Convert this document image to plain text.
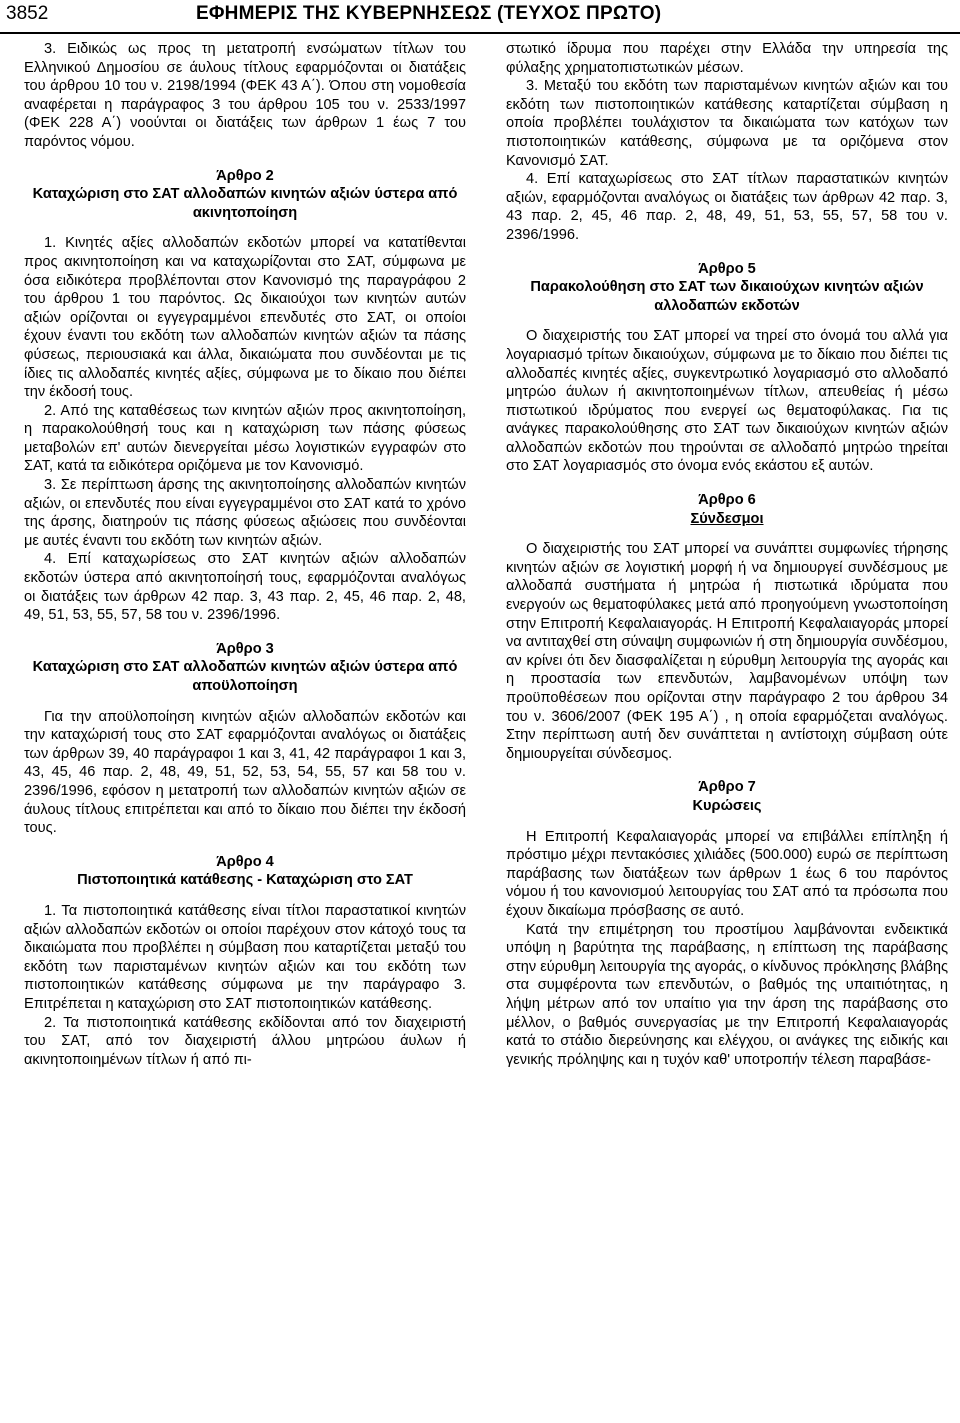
3852	ΕΦΗΜΕΡΙΣ ΤΗΣ ΚΥΒΕΡΝΗΣΕΩΣ (ΤΕΥΧΟΣ ΠΡΩΤΟ)

3. Ειδικώς ως προς τη μετατροπή ενσώματων τίτλων του Ελληνικού Δημοσίου σε άυλους τίτλους εφαρμόζονται οι διατάξεις του άρθρου 10 του ν. 2198/1994 (ΦΕΚ 43 Α΄). Όπου στη νομοθεσία αναφέρεται η παράγραφος 3 του άρθρου 105 του ν. 2533/1997 (ΦΕΚ 228 Α΄) νοούνται οι διατάξεις των άρθρων 1 έως 7 του παρόντος νόμου.

Άρθρο 2

Καταχώριση στο ΣΑΤ αλλοδαπών κινητών αξιών ύστερα από ακινητοποίηση

1. Κινητές αξίες αλλοδαπών εκδοτών μπορεί να κατατίθενται προς ακινητοποίηση και να καταχωρίζονται στο ΣΑΤ, σύμφωνα με όσα ειδικότερα προβλέπονται στον Κανονισμό της παραγράφου 2 του άρθρου 1 του παρόντος. Ως δικαιούχοι των κινητών αυτών αξιών ορίζονται οι εγγεγραμμένοι επενδυτές στο ΣΑΤ, οι οποίοι έχουν έναντι του εκδότη των αλλοδαπών κινητών αξιών τα πάσης φύσεως, περιουσιακά και άλλα, δικαιώματα που συνδέονται με τις ίδιες τις αλλοδαπές κινητές αξίες, σύμφωνα με το δίκαιο που διέπει την έκδοσή τους.

2. Από της καταθέσεως των κινητών αξιών προς ακινητοποίηση, η παρακολούθησή τους και η καταχώριση των πάσης φύσεως μεταβολών επ' αυτών διενεργείται μέσω λογιστικών εγγραφών στο ΣΑΤ, κατά τα ειδικότερα οριζόμενα με τον Κανονισμό.

3. Σε περίπτωση άρσης της ακινητοποίησης αλλοδαπών κινητών αξιών, οι επενδυτές που είναι εγγεγραμμένοι στο ΣΑΤ κατά το χρόνο της άρσης, διατηρούν τις πάσης φύσεως αξιώσεις που συνδέονται με αυτές έναντι του εκδότη των κινητών αξιών.

4. Επί καταχωρίσεως στο ΣΑΤ κινητών αξιών αλλοδαπών εκδοτών ύστερα από ακινητοποίησή τους, εφαρμόζονται αναλόγως οι διατάξεις των άρθρων 42 παρ. 3, 43 παρ. 2, 45, 46 παρ. 2, 48, 49, 51, 53, 55, 57, 58 του ν. 2396/1996.

Άρθρο 3

Καταχώριση στο ΣΑΤ αλλοδαπών κινητών αξιών ύστερα από αποϋλοποίηση

Για την αποϋλοποίηση κινητών αξιών αλλοδαπών εκδοτών και την καταχώρισή τους στο ΣΑΤ εφαρμόζονται αναλόγως οι διατάξεις των άρθρων 39, 40 παράγραφοι 1 και 3, 41, 42 παράγραφοι 1 και 3, 43, 45, 46 παρ. 2, 48, 49, 51, 52, 53, 54, 55, 57 και 58 του ν. 2396/1996, εφόσον η μετατροπή των αλλοδαπών κινητών αξιών σε άυλους τίτλους επιτρέπεται και από το δίκαιο που διέπει την έκδοσή τους.

Άρθρο 4

Πιστοποιητικά κατάθεσης - Καταχώριση στο ΣΑΤ

1. Τα πιστοποιητικά κατάθεσης είναι τίτλοι παραστατικοί κινητών αξιών αλλοδαπών εκδοτών οι οποίοι παρέχουν στον κάτοχό τους τα δικαιώματα που προβλέπει η σύμβαση που καταρτίζεται μεταξύ του εκδότη των παρισταμένων κινητών αξιών και του εκδότη των πιστοποιητικών κατάθεσης σύμφωνα με την παράγραφο 3. Επιτρέπεται η καταχώριση στο ΣΑΤ πιστοποιητικών κατάθεσης.

2. Τα πιστοποιητικά κατάθεσης εκδίδονται από τον διαχειριστή του ΣΑΤ, από τον διαχειριστή άλλου μητρώου άυλων ή ακινητοποιημένων τίτλων ή από πι-

στωτικό ίδρυμα που παρέχει στην Ελλάδα την υπηρεσία της φύλαξης χρηματοπιστωτικών μέσων.

3. Μεταξύ του εκδότη των παρισταμένων κινητών αξιών και του εκδότη των πιστοποιητικών κατάθεσης καταρτίζεται σύμβαση η οποία προβλέπει τουλάχιστον τα δικαιώματα των κατόχων των πιστοποιητικών κατάθεσης, σύμφωνα με τα οριζόμενα στον Κανονισμό ΣΑΤ.

4. Επί καταχωρίσεως στο ΣΑΤ τίτλων παραστατικών κινητών αξιών, εφαρμόζονται αναλόγως οι διατάξεις των άρθρων 42 παρ. 3, 43 παρ. 2, 45, 46 παρ. 2, 48, 49, 51, 53, 55, 57, 58 του ν. 2396/1996.

Άρθρο 5

Παρακολούθηση στο ΣΑΤ των δικαιούχων κινητών αξιών αλλοδαπών εκδοτών

Ο διαχειριστής του ΣΑΤ μπορεί να τηρεί στο όνομά του αλλά για λογαριασμό τρίτων δικαιούχων, σύμφωνα με το δίκαιο που διέπει τις αλλοδαπές κινητές αξίες, συγκεντρωτικό λογαριασμό στο αλλοδαπό μητρώο άυλων ή ακινητοποιημένων τίτλων, απευθείας ή μέσω πιστωτικού ιδρύματος που ενεργεί ως θεματοφύλακας. Για τις ανάγκες παρακολούθησης στο ΣΑΤ των δικαιούχων κινητών αξιών αλλοδαπών εκδοτών που τηρούνται σε αλλοδαπό μητρώο τηρείται στο ΣΑΤ λογαριασμός στο όνομα ενός εκάστου εξ αυτών.

Άρθρο 6

Σύνδεσμοι

Ο διαχειριστής του ΣΑΤ μπορεί να συνάπτει συμφωνίες τήρησης κινητών αξιών σε λογιστική μορφή ή να δημιουργεί συνδέσμους με αλλοδαπά συστήματα ή μητρώα ή πιστωτικά ιδρύματα που ενεργούν ως θεματοφύλακες μετά από προηγούμενη γνωστοποίηση στην Επιτροπή Κεφαλαιαγοράς. Η Επιτροπή Κεφαλαιαγοράς μπορεί να αντιταχθεί στη σύναψη συμφωνιών ή στη δημιουργία συνδέσμου, αν κρίνει ότι δεν διασφαλίζεται η εύρυθμη λειτουργία της αγοράς και η προστασία των επενδυτών, λαμβανομένων υπόψη των προϋποθέσεων που ορίζονται στην παράγραφο 2 του άρθρου 34 του ν. 3606/2007 (ΦΕΚ 195 Α΄) , η οποία εφαρμόζεται αναλόγως. Στην περίπτωση αυτή δεν συνάπτεται η αντίστοιχη σύμβαση ούτε δημιουργείται σύνδεσμος.

Άρθρο 7

Κυρώσεις

Η Επιτροπή Κεφαλαιαγοράς μπορεί να επιβάλλει επίπληξη ή πρόστιμο μέχρι πεντακόσιες χιλιάδες (500.000) ευρώ σε περίπτωση παράβασης των διατάξεων των άρθρων 1 έως 6 του παρόντος νόμου ή του κανονισμού λειτουργίας του ΣΑΤ από τα πρόσωπα που έχουν δικαίωμα πρόσβασης σε αυτό.

Κατά την επιμέτρηση του προστίμου λαμβάνονται ενδεικτικά υπόψη η βαρύτητα της παράβασης, η επίπτωση της παράβασης στην εύρυθμη λειτουργία της αγοράς, ο κίνδυνος πρόκλησης βλάβης στα συμφέροντα των επενδυτών, ο βαθμός της υπαιτιότητας, η λήψη μέτρων από τον υπαίτιο για την άρση της παράβασης στο μέλλον, ο βαθμός συνεργασίας με την Επιτροπή Κεφαλαιαγοράς κατά το στάδιο διερεύνησης και ελέγχου, οι ανάγκες της ειδικής και γενικής πρόληψης και η τυχόν καθ' υποτροπήν τέλεση παραβάσε-
